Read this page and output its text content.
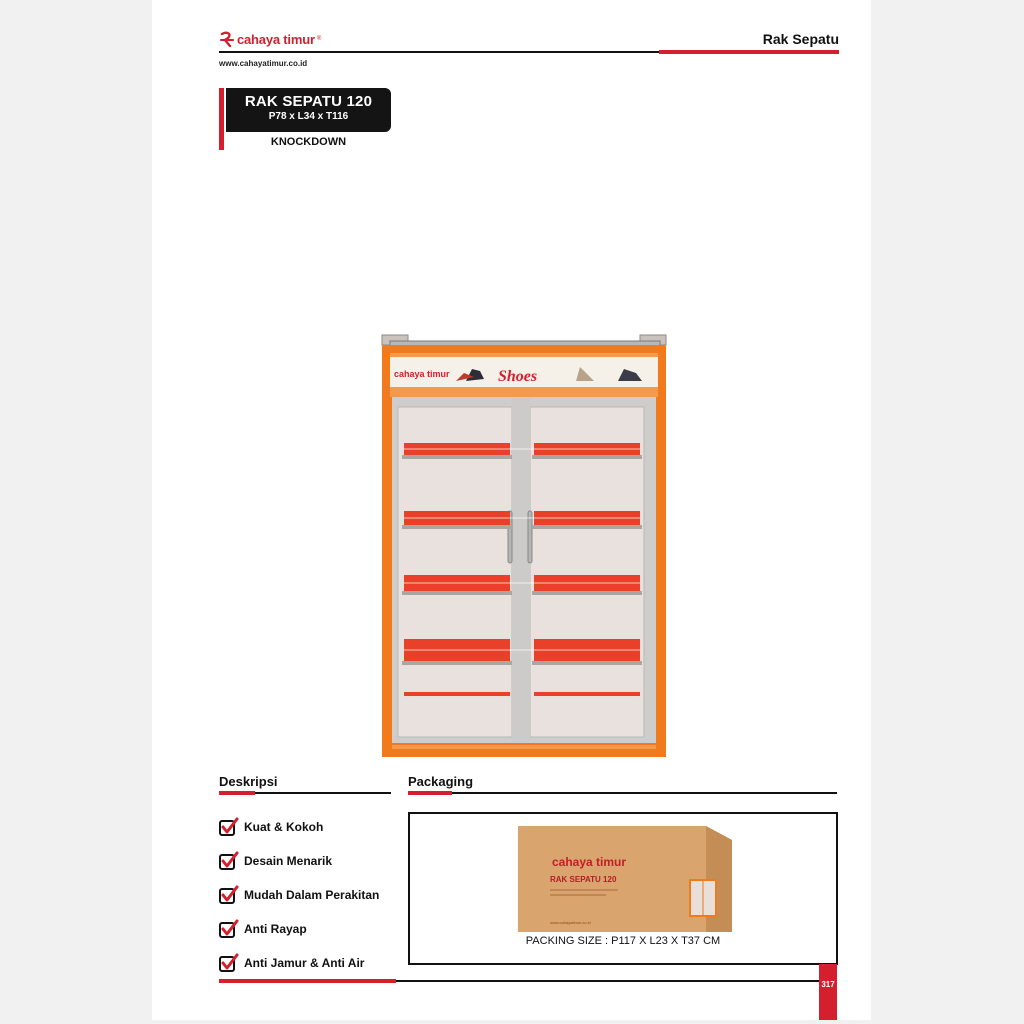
cahaya timur ®	Rak Sepatu
www.cahayatimur.co.id
RAK SEPATU 120
P78 x L34 x T116
KNOCKDOWN
cahaya timur	Shoes
Deskripsi
Kuat & Kokoh
Desain Menarik
Mudah Dalam Perakitan
Anti Rayap
Anti Jamur & Anti Air
Packaging
cahaya timur
RAK SEPATU 120
www.cahayatimur.co.id
PACKING SIZE : P117 X L23 X T37 CM
317
